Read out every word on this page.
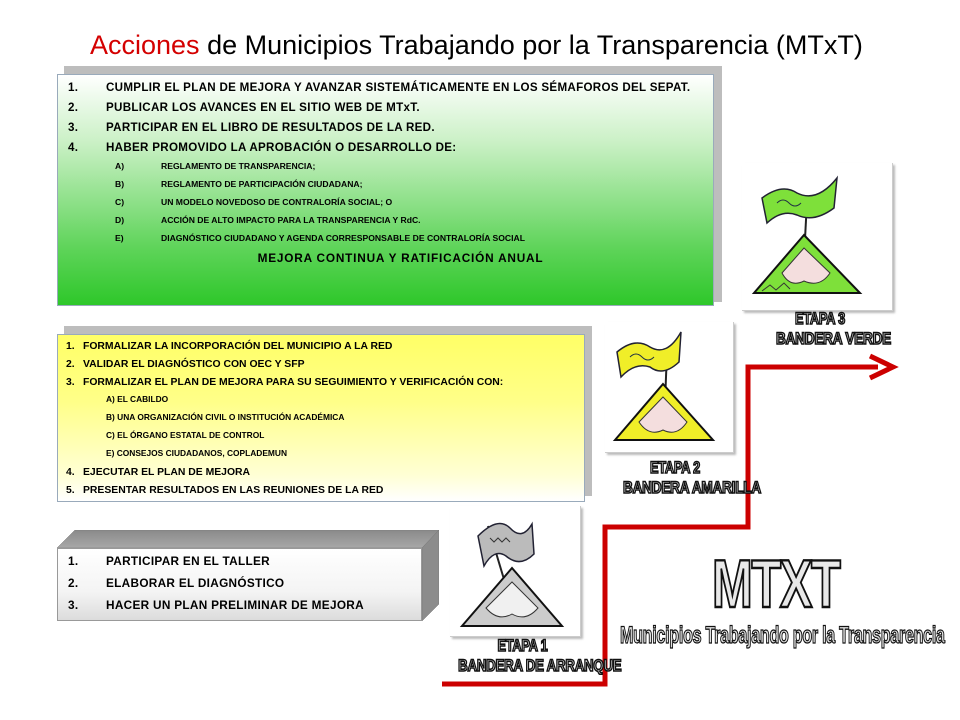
Acciones de Municipios Trabajando por la Transparencia (MTxT)
1.	CUMPLIR EL PLAN DE MEJORA Y AVANZAR SISTEMÁTICAMENTE EN LOS SÉMAFOROS DEL SEPAT.
2.	PUBLICAR LOS AVANCES EN EL SITIO WEB DE MTxT.
3.	PARTICIPAR EN EL LIBRO DE RESULTADOS DE LA RED.
4.	HABER PROMOVIDO LA APROBACIÓN O DESARROLLO DE:
A)	REGLAMENTO DE TRANSPARENCIA;
B)	REGLAMENTO DE PARTICIPACIÓN CIUDADANA;
C)	UN MODELO NOVEDOSO DE CONTRALORÍA SOCIAL; O
D)	ACCIÓN DE ALTO IMPACTO PARA LA TRANSPARENCIA Y RdC.
E)	DIAGNÓSTICO CIUDADANO Y AGENDA CORRESPONSABLE DE CONTRALORÍA SOCIAL
MEJORA CONTINUA Y RATIFICACIÓN ANUAL
1. FORMALIZAR LA INCORPORACIÓN DEL MUNICIPIO A LA RED
2. VALIDAR EL DIAGNÓSTICO CON OEC Y SFP
3. FORMALIZAR EL PLAN DE MEJORA PARA SU SEGUIMIENTO Y VERIFICACIÓN CON:
A) EL CABILDO
B) UNA ORGANIZACIÓN CIVIL O INSTITUCIÓN ACADÉMICA
C) EL ÓRGANO ESTATAL DE CONTROL
E) CONSEJOS CIUDADANOS, COPLADEMUN
4. EJECUTAR EL PLAN DE MEJORA
5. PRESENTAR RESULTADOS EN LAS REUNIONES DE LA RED
1.	PARTICIPAR EN EL TALLER
2.	ELABORAR EL DIAGNÓSTICO
3.	HACER UN PLAN PRELIMINAR DE MEJORA
ETAPA 3
BANDERA VERDE
ETAPA 2
BANDERA AMARILLA
ETAPA 1
BANDERA DE ARRANQUE
MTXT
Municipios Trabajando por la Transparencia
